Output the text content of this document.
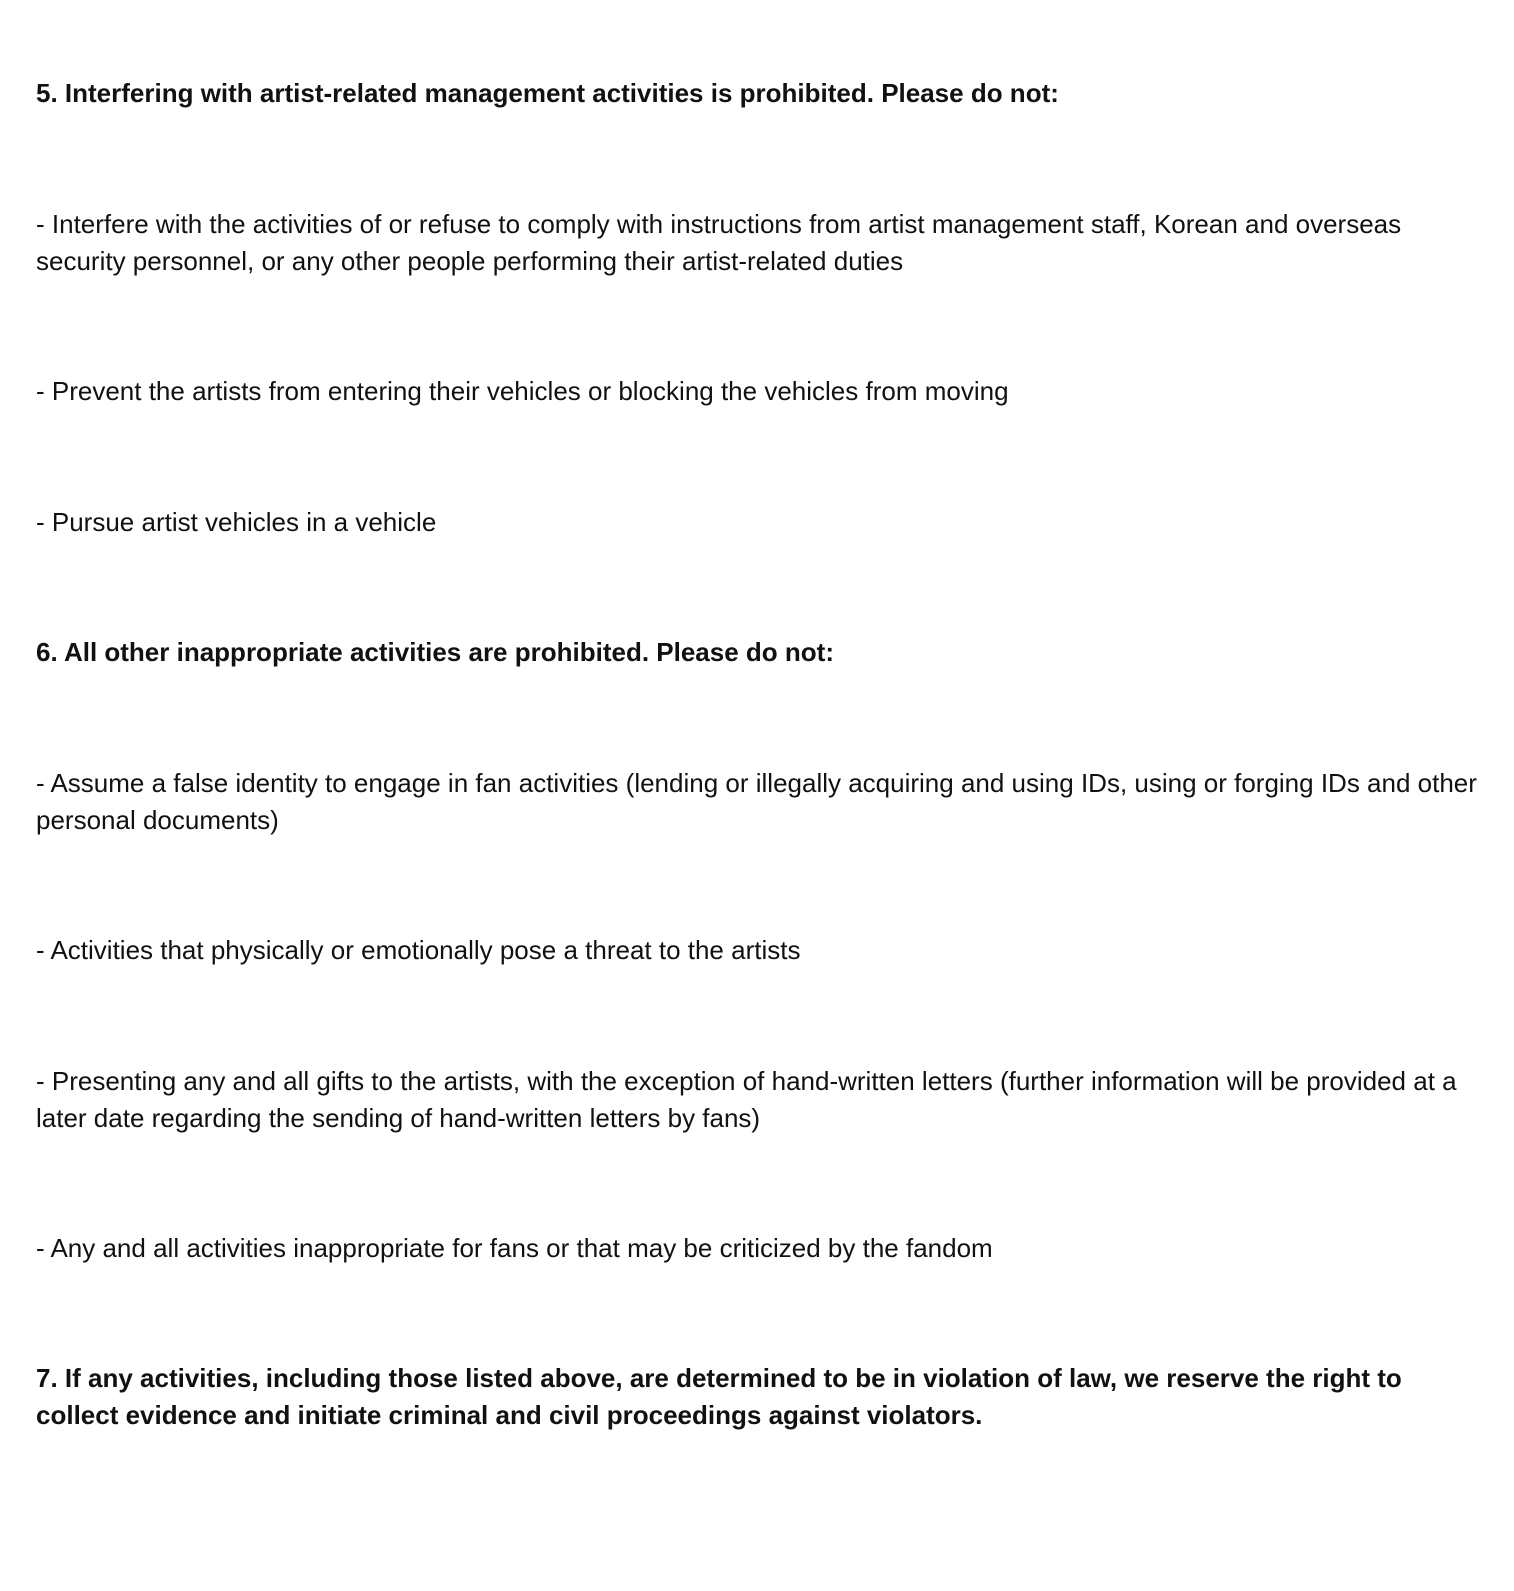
5. Interfering with artist-related management activities is prohibited. Please do not:

- Interfere with the activities of or refuse to comply with instructions from artist management staff, Korean and overseas security personnel, or any other people performing their artist-related duties

- Prevent the artists from entering their vehicles or blocking the vehicles from moving

- Pursue artist vehicles in a vehicle

6. All other inappropriate activities are prohibited. Please do not:

- Assume a false identity to engage in fan activities (lending or illegally acquiring and using IDs, using or forging IDs and other personal documents)

- Activities that physically or emotionally pose a threat to the artists

- Presenting any and all gifts to the artists, with the exception of hand-written letters (further information will be provided at a later date regarding the sending of hand-written letters by fans)

- Any and all activities inappropriate for fans or that may be criticized by the fandom

7. If any activities, including those listed above, are determined to be in violation of law, we reserve the right to collect evidence and initiate criminal and civil proceedings against violators.
